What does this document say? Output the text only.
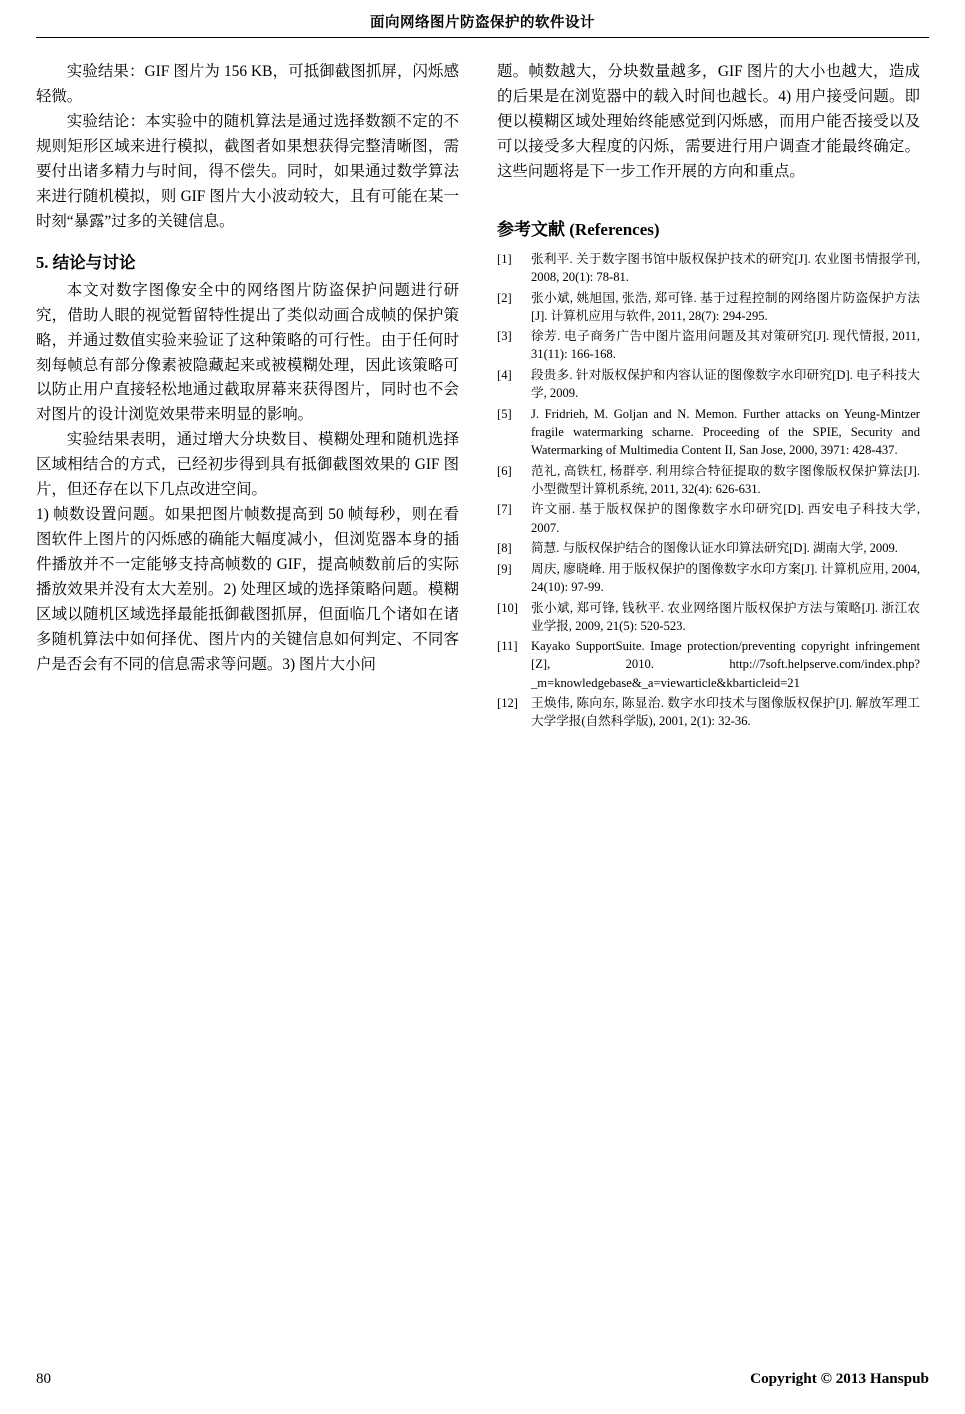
面向网络图片防盗保护的软件设计

实验结果：GIF 图片为 156 KB，可抵御截图抓屏，闪烁感轻微。

实验结论：本实验中的随机算法是通过选择数额不定的不规则矩形区域来进行模拟，截图者如果想获得完整清晰图，需要付出诸多精力与时间，得不偿失。同时，如果通过数学算法来进行随机模拟，则 GIF 图片大小波动较大，且有可能在某一时刻“暴露”过多的关键信息。

5. 结论与讨论

本文对数字图像安全中的网络图片防盗保护问题进行研究，借助人眼的视觉暂留特性提出了类似动画合成帧的保护策略，并通过数值实验来验证了这种策略的可行性。由于任何时刻每帧总有部分像素被隐藏起来或被模糊处理，因此该策略可以防止用户直接轻松地通过截取屏幕来获得图片，同时也不会对图片的设计浏览效果带来明显的影响。

实验结果表明，通过增大分块数目、模糊处理和随机选择区域相结合的方式，已经初步得到具有抵御截图效果的 GIF 图片，但还存在以下几点改进空间。

1) 帧数设置问题。如果把图片帧数提高到 50 帧每秒，则在看图软件上图片的闪烁感的确能大幅度减小，但浏览器本身的插件播放并不一定能够支持高帧数的 GIF，提高帧数前后的实际播放效果并没有太大差别。2) 处理区域的选择策略问题。模糊区域以随机区域选择最能抵御截图抓屏，但面临几个诸如在诸多随机算法中如何择优、图片内的关键信息如何判定、不同客户是否会有不同的信息需求等问题。3) 图片大小问

题。帧数越大，分块数量越多，GIF 图片的大小也越大，造成的后果是在浏览器中的载入时间也越长。4) 用户接受问题。即便以模糊区域处理始终能感觉到闪烁感，而用户能否接受以及可以接受多大程度的闪烁，需要进行用户调查才能最终确定。这些问题将是下一步工作开展的方向和重点。

参考文献 (References)
[1]	张利平. 关于数字图书馆中版权保护技术的研究[J]. 农业图书情报学刊, 2008, 20(1): 78-81.
[2]	张小斌, 姚旭国, 张浩, 郑可锋. 基于过程控制的网络图片防盗保护方法[J]. 计算机应用与软件, 2011, 28(7): 294-295.
[3]	徐芳. 电子商务广告中图片盗用问题及其对策研究[J]. 现代情报, 2011, 31(11): 166-168.
[4]	段贵多. 针对版权保护和内容认证的图像数字水印研究[D]. 电子科技大学, 2009.
[5]	J. Fridrieh, M. Goljan and N. Memon. Further attacks on Yeung-Mintzer fragile watermarking scharne. Proceeding of the SPIE, Security and Watermarking of Multimedia Content II, San Jose, 2000, 3971: 428-437.
[6]	范礼, 高铁杠, 杨群亭. 利用综合特征提取的数字图像版权保护算法[J]. 小型微型计算机系统, 2011, 32(4): 626-631.
[7]	许文丽. 基于版权保护的图像数字水印研究[D]. 西安电子科技大学, 2007.
[8]	简慧. 与版权保护结合的图像认证水印算法研究[D]. 湖南大学, 2009.
[9]	周庆, 廖晓峰. 用于版权保护的图像数字水印方案[J]. 计算机应用, 2004, 24(10): 97-99.
[10]	张小斌, 郑可锋, 钱秋平. 农业网络图片版权保护方法与策略[J]. 浙江农业学报, 2009, 21(5): 520-523.
[11]	Kayako SupportSuite. Image protection/preventing copyright infringement [Z], 2010. http://7soft.helpserve.com/index.php?_m=knowledgebase&_a=viewarticle&kbarticleid=21
[12]	王焕伟, 陈向东, 陈显治. 数字水印技术与图像版权保护[J]. 解放军理工大学学报(自然科学版), 2001, 2(1): 32-36.
80	Copyright © 2013 Hanspub
